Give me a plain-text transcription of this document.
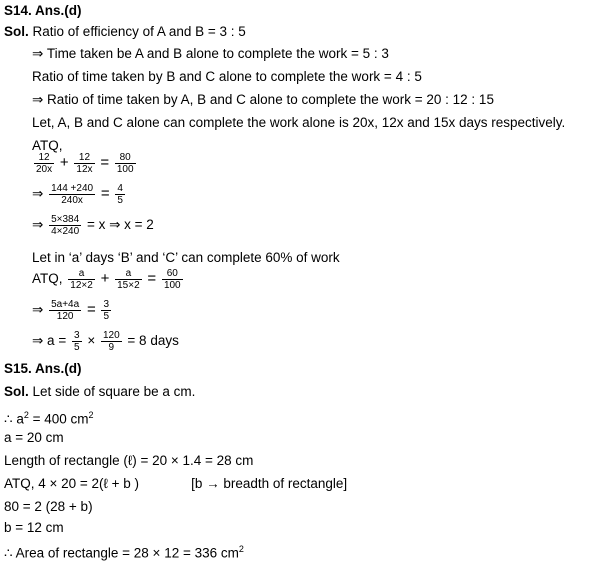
S14. Ans.(d)
Sol. Ratio of efficiency of A and B = 3 : 5
⇒ Time taken be A and B alone to complete the work = 5 : 3
Ratio of time taken by B and C alone to complete the work = 4 : 5
⇒ Ratio of time taken by A, B and C alone to complete the work = 20 : 12 : 15
Let, A, B and C alone can complete the work alone is 20x, 12x and 15x days respectively.
ATQ,
$\frac{12}{20x} + \frac{12}{12x} = \frac{80}{100}$
⇒ $\frac{144 +240}{240x} = \frac{4}{5}$
⇒ $\frac{5\times 384}{4\times 240} = x$ ⇒ x = 2
Let in ‘a’ days ‘B’ and ‘C’ can complete 60% of work
ATQ, $\frac{a}{12\times 2} + \frac{a}{15\times 2} = \frac{60}{100}$
⇒ $\frac{5a+4a}{120} = \frac{3}{5}$
⇒ $a = \frac{3}{5} \times \frac{120}{9} = 8$ days
S15. Ans.(d)
Sol. Let side of square be a cm.
∴ $a^2 = 400$ $cm^2$
a = 20 cm
Length of rectangle (ℓ) = 20 × 1.4 = 28 cm
ATQ, 4 × 20 = 2(ℓ + b )	[b → breadth of rectangle]
80 = 2 (28 + b)
b = 12 cm
∴ Area of rectangle = 28 × 12 = 336 $cm^2$
